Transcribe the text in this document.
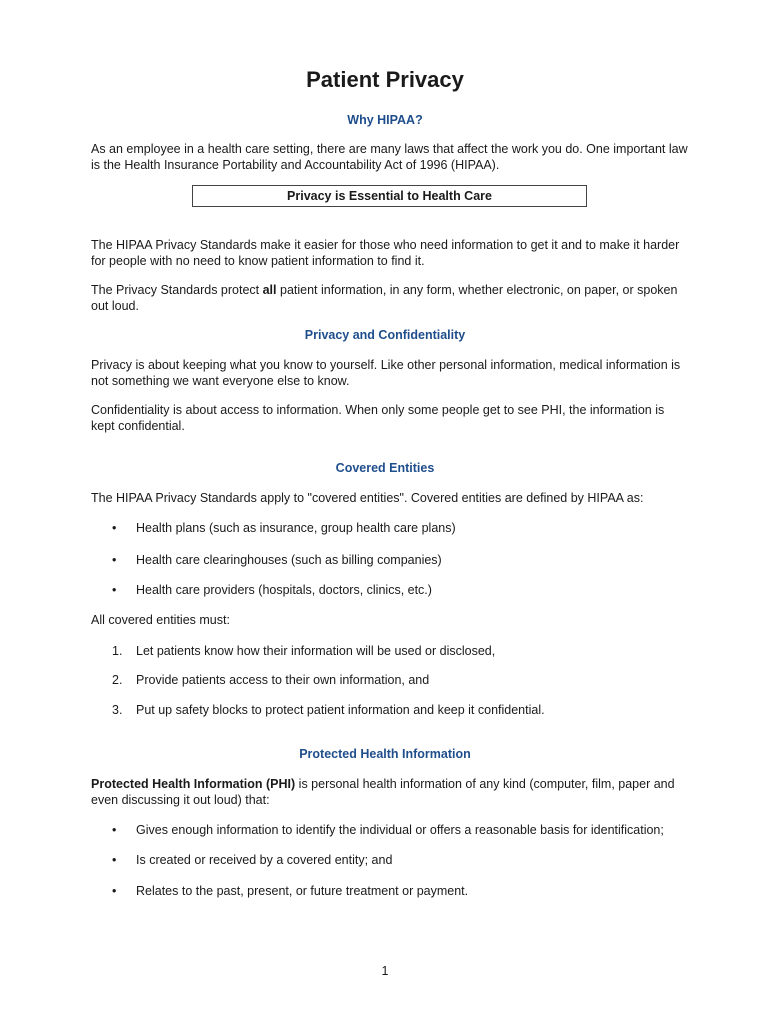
Patient Privacy
Why HIPAA?
As an employee in a health care setting, there are many laws that affect the work you do. One important law is the Health Insurance Portability and Accountability Act of 1996 (HIPAA).
Privacy is Essential to Health Care
The HIPAA Privacy Standards make it easier for those who need information to get it and to make it harder for people with no need to know patient information to find it.
The Privacy Standards protect all patient information, in any form, whether electronic, on paper, or spoken out loud.
Privacy and Confidentiality
Privacy is about keeping what you know to yourself. Like other personal information, medical information is not something we want everyone else to know.
Confidentiality is about access to information. When only some people get to see PHI, the information is kept confidential.
Covered Entities
The HIPAA Privacy Standards apply to "covered entities". Covered entities are defined by HIPAA as:
•	Health plans (such as insurance, group health care plans)
•	Health care clearinghouses (such as billing companies)
•	Health care providers (hospitals, doctors, clinics, etc.)
All covered entities must:
1.	Let patients know how their information will be used or disclosed,
2.	Provide patients access to their own information, and
3.	Put up safety blocks to protect patient information and keep it confidential.
Protected Health Information
Protected Health Information (PHI) is personal health information of any kind (computer, film, paper and even discussing it out loud) that:
•	Gives enough information to identify the individual or offers a reasonable basis for identification;
•	Is created or received by a covered entity; and
•	Relates to the past, present, or future treatment or payment.
1
